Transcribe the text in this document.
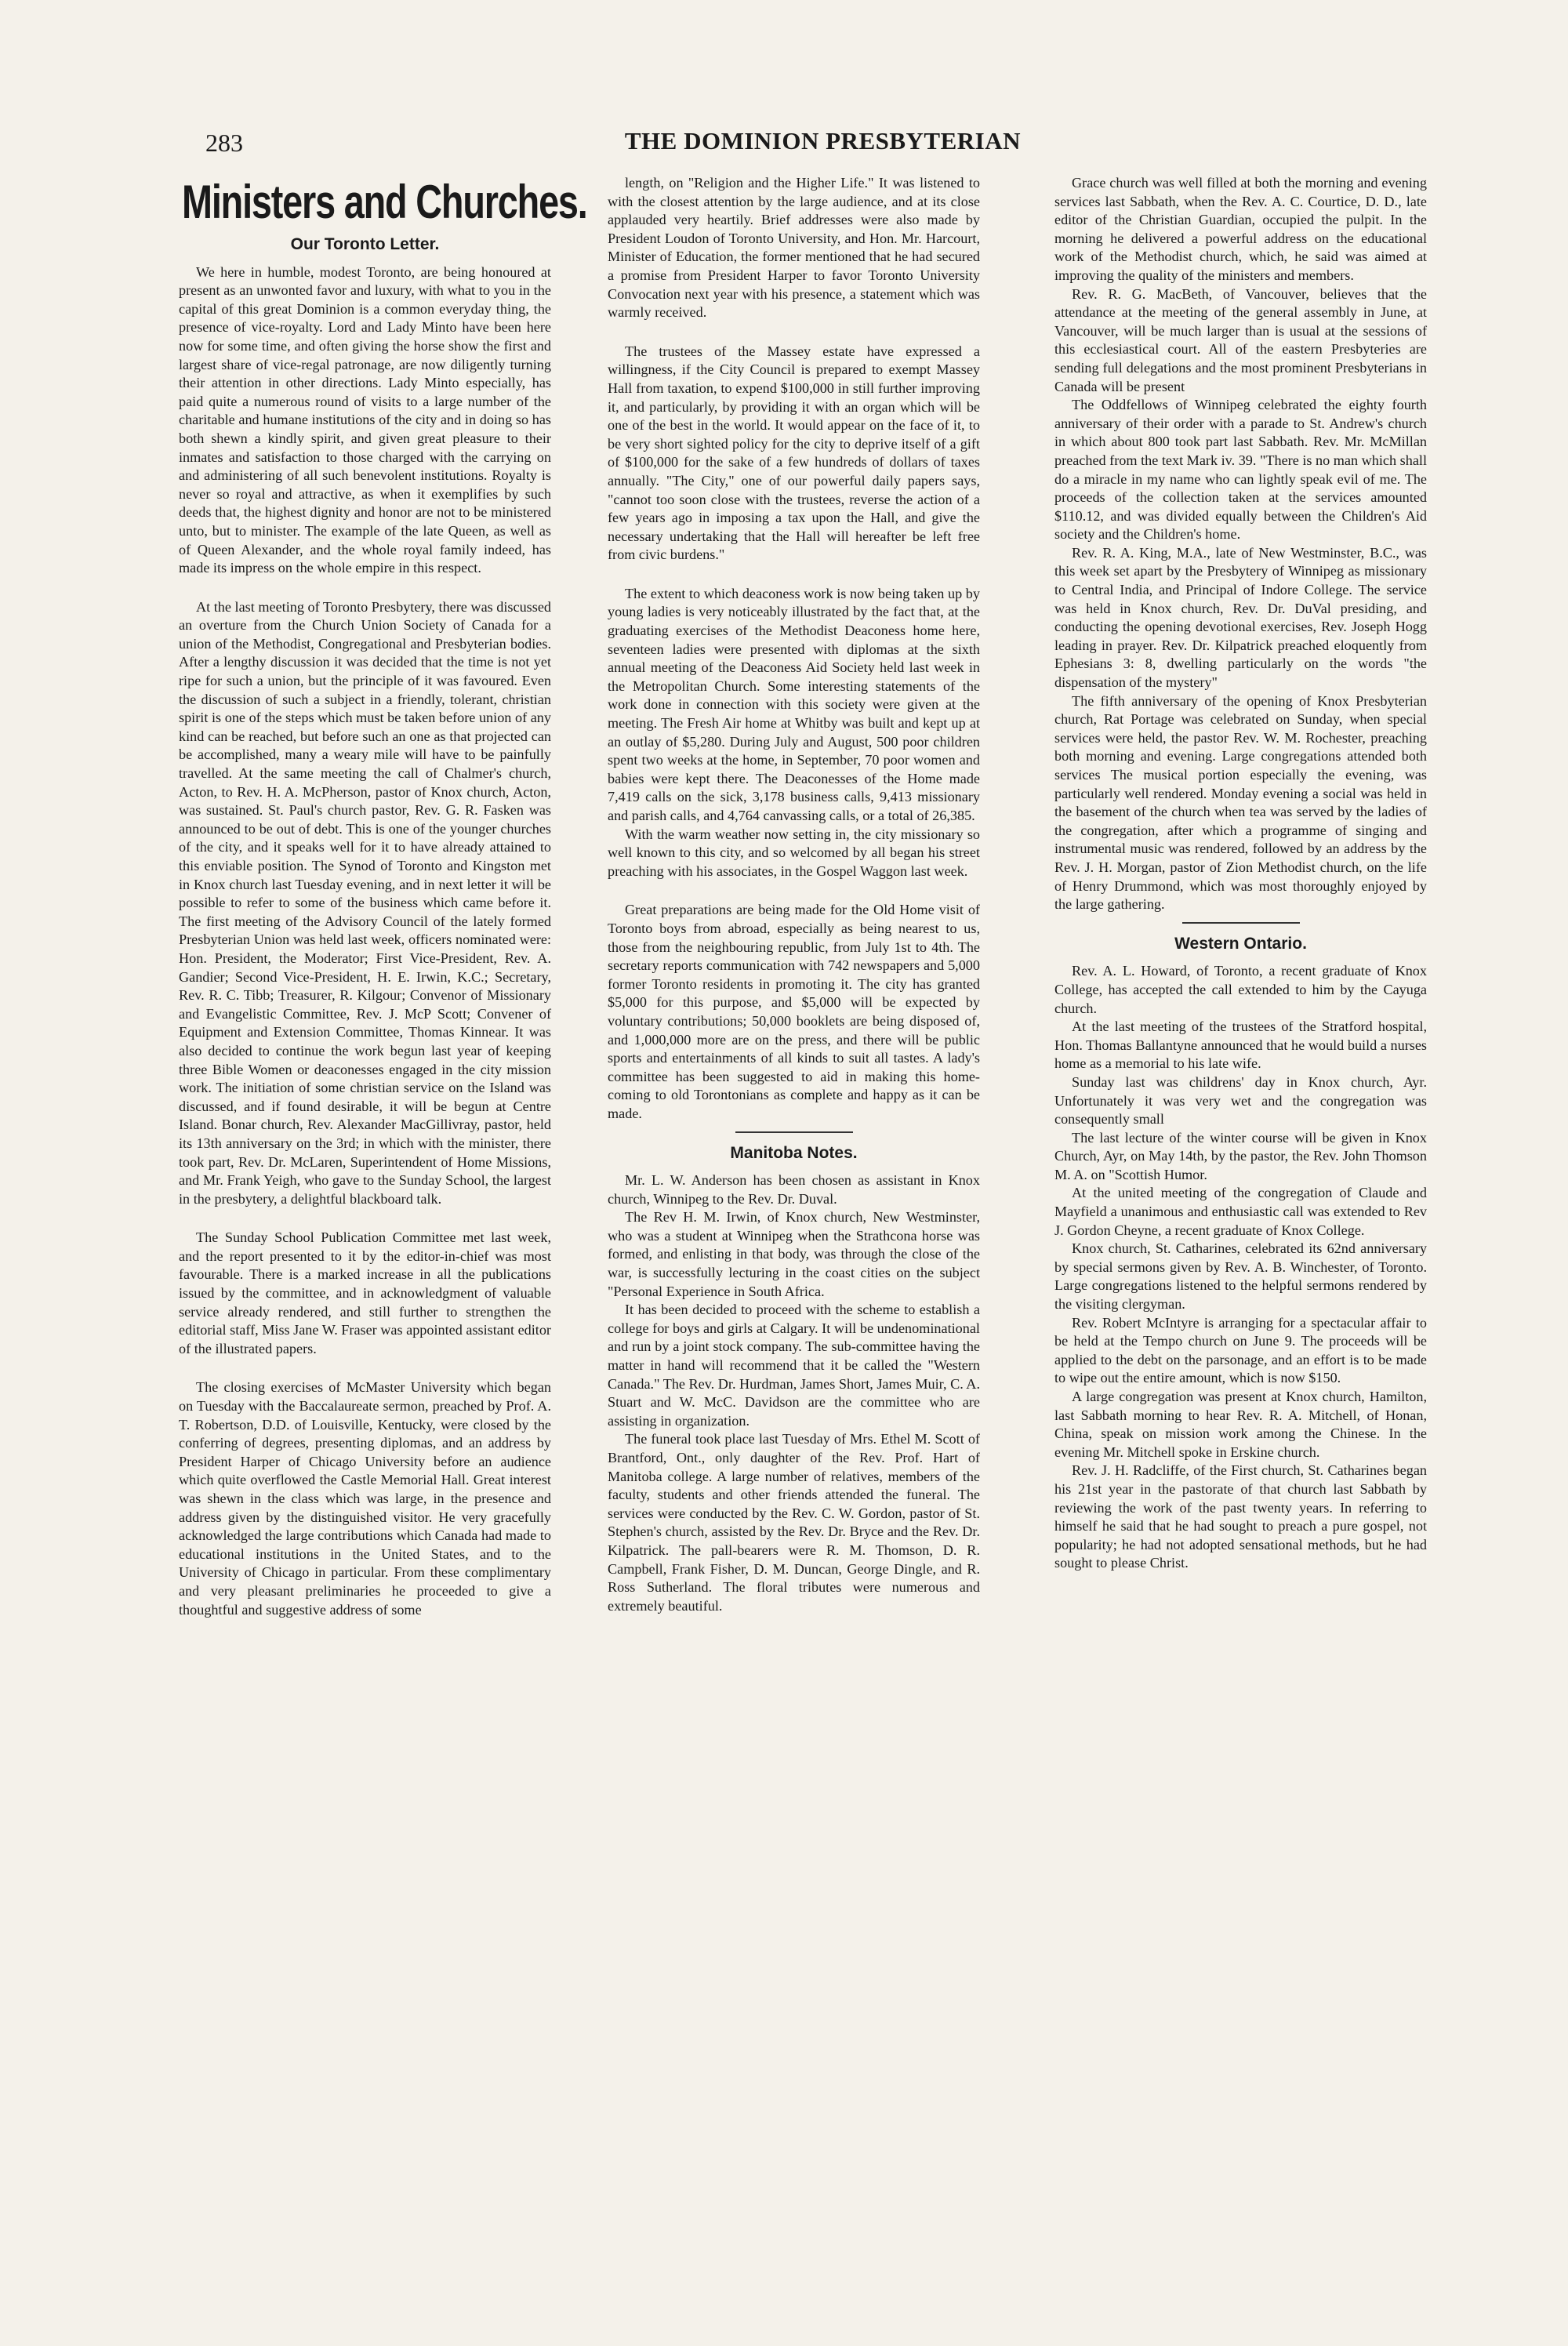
283	THE DOMINION PRESBYTERIAN
Ministers and Churches.
Our Toronto Letter.

We here in humble, modest Toronto, are being honoured at present as an unwonted favor and luxury, with what to you in the capital of this great Dominion is a common everyday thing, the presence of vice-royalty. Lord and Lady Minto have been here now for some time, and often giving the horse show the first and largest share of vice-regal patronage, are now diligently turning their attention in other directions. Lady Minto especially, has paid quite a numerous round of visits to a large number of the charitable and humane institutions of the city and in doing so has both shewn a kindly spirit, and given great pleasure to their inmates and satisfaction to those charged with the carrying on and administering of all such benevolent institutions. Royalty is never so royal and attractive, as when it exemplifies by such deeds that, the highest dignity and honor are not to be ministered unto, but to minister. The example of the late Queen, as well as of Queen Alexander, and the whole royal family indeed, has made its impress on the whole empire in this respect.

At the last meeting of Toronto Presbytery, there was discussed an overture from the Church Union Society of Canada for a union of the Methodist, Congregational and Presbyterian bodies. After a lengthy discussion it was decided that the time is not yet ripe for such a union, but the principle of it was favoured. Even the discussion of such a subject in a friendly, tolerant, christian spirit is one of the steps which must be taken before union of any kind can be reached, but before such an one as that projected can be accomplished, many a weary mile will have to be painfully travelled. At the same meeting the call of Chalmer's church, Acton, to Rev. H. A. McPherson, pastor of Knox church, Acton, was sustained. St. Paul's church pastor, Rev. G. R. Fasken was announced to be out of debt. This is one of the younger churches of the city, and it speaks well for it to have already attained to this enviable position. The Synod of Toronto and Kingston met in Knox church last Tuesday evening, and in next letter it will be possible to refer to some of the business which came before it. The first meeting of the Advisory Council of the lately formed Presbyterian Union was held last week, officers nominated were: Hon. President, the Moderator; First Vice-President, Rev. A. Gandier; Second Vice-President, H. E. Irwin, K.C.; Secretary, Rev. R. C. Tibb; Treasurer, R. Kilgour; Convenor of Missionary and Evangelistic Committee, Rev. J. McP Scott; Convener of Equipment and Extension Committee, Thomas Kinnear. It was also decided to continue the work begun last year of keeping three Bible Women or deaconesses engaged in the city mission work. The initiation of some christian service on the Island was discussed, and if found desirable, it will be begun at Centre Island. Bonar church, Rev. Alexander MacGillivray, pastor, held its 13th anniversary on the 3rd; in which with the minister, there took part, Rev. Dr. McLaren, Superintendent of Home Missions, and Mr. Frank Yeigh, who gave to the Sunday School, the largest in the presbytery, a delightful blackboard talk.

The Sunday School Publication Committee met last week, and the report presented to it by the editor-in-chief was most favourable. There is a marked increase in all the publications issued by the committee, and in acknowledgment of valuable service already rendered, and still further to strengthen the editorial staff, Miss Jane W. Fraser was appointed assistant editor of the illustrated papers.

The closing exercises of McMaster University which began on Tuesday with the Baccalaureate sermon, preached by Prof. A. T. Robertson, D.D. of Louisville, Kentucky, were closed by the conferring of degrees, presenting diplomas, and an address by President Harper of Chicago University before an audience which quite overflowed the Castle Memorial Hall. Great interest was shewn in the class which was large, in the presence and address given by the distinguished visitor. He very gracefully acknowledged the large contributions which Canada had made to educational institutions in the United States, and to the University of Chicago in particular. From these complimentary and very pleasant preliminaries he proceeded to give a thoughtful and suggestive address of some

length, on "Religion and the Higher Life." It was listened to with the closest attention by the large audience, and at its close applauded very heartily. Brief addresses were also made by President Loudon of Toronto University, and Hon. Mr. Harcourt, Minister of Education, the former mentioned that he had secured a promise from President Harper to favor Toronto University Convocation next year with his presence, a statement which was warmly received.

The trustees of the Massey estate have expressed a willingness, if the City Council is prepared to exempt Massey Hall from taxation, to expend $100,000 in still further improving it, and particularly, by providing it with an organ which will be one of the best in the world. It would appear on the face of it, to be very short sighted policy for the city to deprive itself of a gift of $100,000 for the sake of a few hundreds of dollars of taxes annually. "The City," one of our powerful daily papers says, "cannot too soon close with the trustees, reverse the action of a few years ago in imposing a tax upon the Hall, and give the necessary undertaking that the Hall will hereafter be left free from civic burdens."

The extent to which deaconess work is now being taken up by young ladies is very noticeably illustrated by the fact that, at the graduating exercises of the Methodist Deaconess home here, seventeen ladies were presented with diplomas at the sixth annual meeting of the Deaconess Aid Society held last week in the Metropolitan Church. Some interesting statements of the work done in connection with this society were given at the meeting. The Fresh Air home at Whitby was built and kept up at an outlay of $5,280. During July and August, 500 poor children spent two weeks at the home, in September, 70 poor women and babies were kept there. The Deaconesses of the Home made 7,419 calls on the sick, 3,178 business calls, 9,413 missionary and parish calls, and 4,764 canvassing calls, or a total of 26,385.

With the warm weather now setting in, the city missionary so well known to this city, and so welcomed by all began his street preaching with his associates, in the Gospel Waggon last week.

Great preparations are being made for the Old Home visit of Toronto boys from abroad, especially as being nearest to us, those from the neighbouring republic, from July 1st to 4th. The secretary reports communication with 742 newspapers and 5,000 former Toronto residents in promoting it. The city has granted $5,000 for this purpose, and $5,000 will be expected by voluntary contributions; 50,000 booklets are being disposed of, and 1,000,000 more are on the press, and there will be public sports and entertainments of all kinds to suit all tastes. A lady's committee has been suggested to aid in making this home-coming to old Torontonians as complete and happy as it can be made.

Manitoba Notes.

Mr. L. W. Anderson has been chosen as assistant in Knox church, Winnipeg to the Rev. Dr. Duval.

The Rev H. M. Irwin, of Knox church, New Westminster, who was a student at Winnipeg when the Strathcona horse was formed, and enlisting in that body, was through the close of the war, is successfully lecturing in the coast cities on the subject "Personal Experience in South Africa.

It has been decided to proceed with the scheme to establish a college for boys and girls at Calgary. It will be undenominational and run by a joint stock company. The sub-committee having the matter in hand will recommend that it be called the "Western Canada." The Rev. Dr. Hurdman, James Short, James Muir, C. A. Stuart and W. McC. Davidson are the committee who are assisting in organization.

The funeral took place last Tuesday of Mrs. Ethel M. Scott of Brantford, Ont., only daughter of the Rev. Prof. Hart of Manitoba college. A large number of relatives, members of the faculty, students and other friends attended the funeral. The services were conducted by the Rev. C. W. Gordon, pastor of St. Stephen's church, assisted by the Rev. Dr. Bryce and the Rev. Dr. Kilpatrick. The pall-bearers were R. M. Thomson, D. R. Campbell, Frank Fisher, D. M. Duncan, George Dingle, and R. Ross Sutherland. The floral tributes were numerous and extremely beautiful.

Grace church was well filled at both the morning and evening services last Sabbath, when the Rev. A. C. Courtice, D. D., late editor of the Christian Guardian, occupied the pulpit. In the morning he delivered a powerful address on the educational work of the Methodist church, which, he said was aimed at improving the quality of the ministers and members.

Rev. R. G. MacBeth, of Vancouver, believes that the attendance at the meeting of the general assembly in June, at Vancouver, will be much larger than is usual at the sessions of this ecclesiastical court. All of the eastern Presbyteries are sending full delegations and the most prominent Presbyterians in Canada will be present

The Oddfellows of Winnipeg celebrated the eighty fourth anniversary of their order with a parade to St. Andrew's church in which about 800 took part last Sabbath. Rev. Mr. McMillan preached from the text Mark iv. 39. "There is no man which shall do a miracle in my name who can lightly speak evil of me. The proceeds of the collection taken at the services amounted $110.12, and was divided equally between the Children's Aid society and the Children's home.

Rev. R. A. King, M.A., late of New Westminster, B.C., was this week set apart by the Presbytery of Winnipeg as missionary to Central India, and Principal of Indore College. The service was held in Knox church, Rev. Dr. DuVal presiding, and conducting the opening devotional exercises, Rev. Joseph Hogg leading in prayer. Rev. Dr. Kilpatrick preached eloquently from Ephesians 3: 8, dwelling particularly on the words "the dispensation of the mystery"

The fifth anniversary of the opening of Knox Presbyterian church, Rat Portage was celebrated on Sunday, when special services were held, the pastor Rev. W. M. Rochester, preaching both morning and evening. Large congregations attended both services The musical portion especially the evening, was particularly well rendered. Monday evening a social was held in the basement of the church when tea was served by the ladies of the congregation, after which a programme of singing and instrumental music was rendered, followed by an address by the Rev. J. H. Morgan, pastor of Zion Methodist church, on the life of Henry Drummond, which was most thoroughly enjoyed by the large gathering.

Western Ontario.

Rev. A. L. Howard, of Toronto, a recent graduate of Knox College, has accepted the call extended to him by the Cayuga church.

At the last meeting of the trustees of the Stratford hospital, Hon. Thomas Ballantyne announced that he would build a nurses home as a memorial to his late wife.

Sunday last was childrens' day in Knox church, Ayr. Unfortunately it was very wet and the congregation was consequently small

The last lecture of the winter course will be given in Knox Church, Ayr, on May 14th, by the pastor, the Rev. John Thomson M. A. on "Scottish Humor.

At the united meeting of the congregation of Claude and Mayfield a unanimous and enthusiastic call was extended to Rev J. Gordon Cheyne, a recent graduate of Knox College.

Knox church, St. Catharines, celebrated its 62nd anniversary by special sermons given by Rev. A. B. Winchester, of Toronto. Large congregations listened to the helpful sermons rendered by the visiting clergyman.

Rev. Robert McIntyre is arranging for a spectacular affair to be held at the Tempo church on June 9. The proceeds will be applied to the debt on the parsonage, and an effort is to be made to wipe out the entire amount, which is now $150.

A large congregation was present at Knox church, Hamilton, last Sabbath morning to hear Rev. R. A. Mitchell, of Honan, China, speak on mission work among the Chinese. In the evening Mr. Mitchell spoke in Erskine church.

Rev. J. H. Radcliffe, of the First church, St. Catharines began his 21st year in the pastorate of that church last Sabbath by reviewing the work of the past twenty years. In referring to himself he said that he had sought to preach a pure gospel, not popularity; he had not adopted sensational methods, but he had sought to please Christ.
